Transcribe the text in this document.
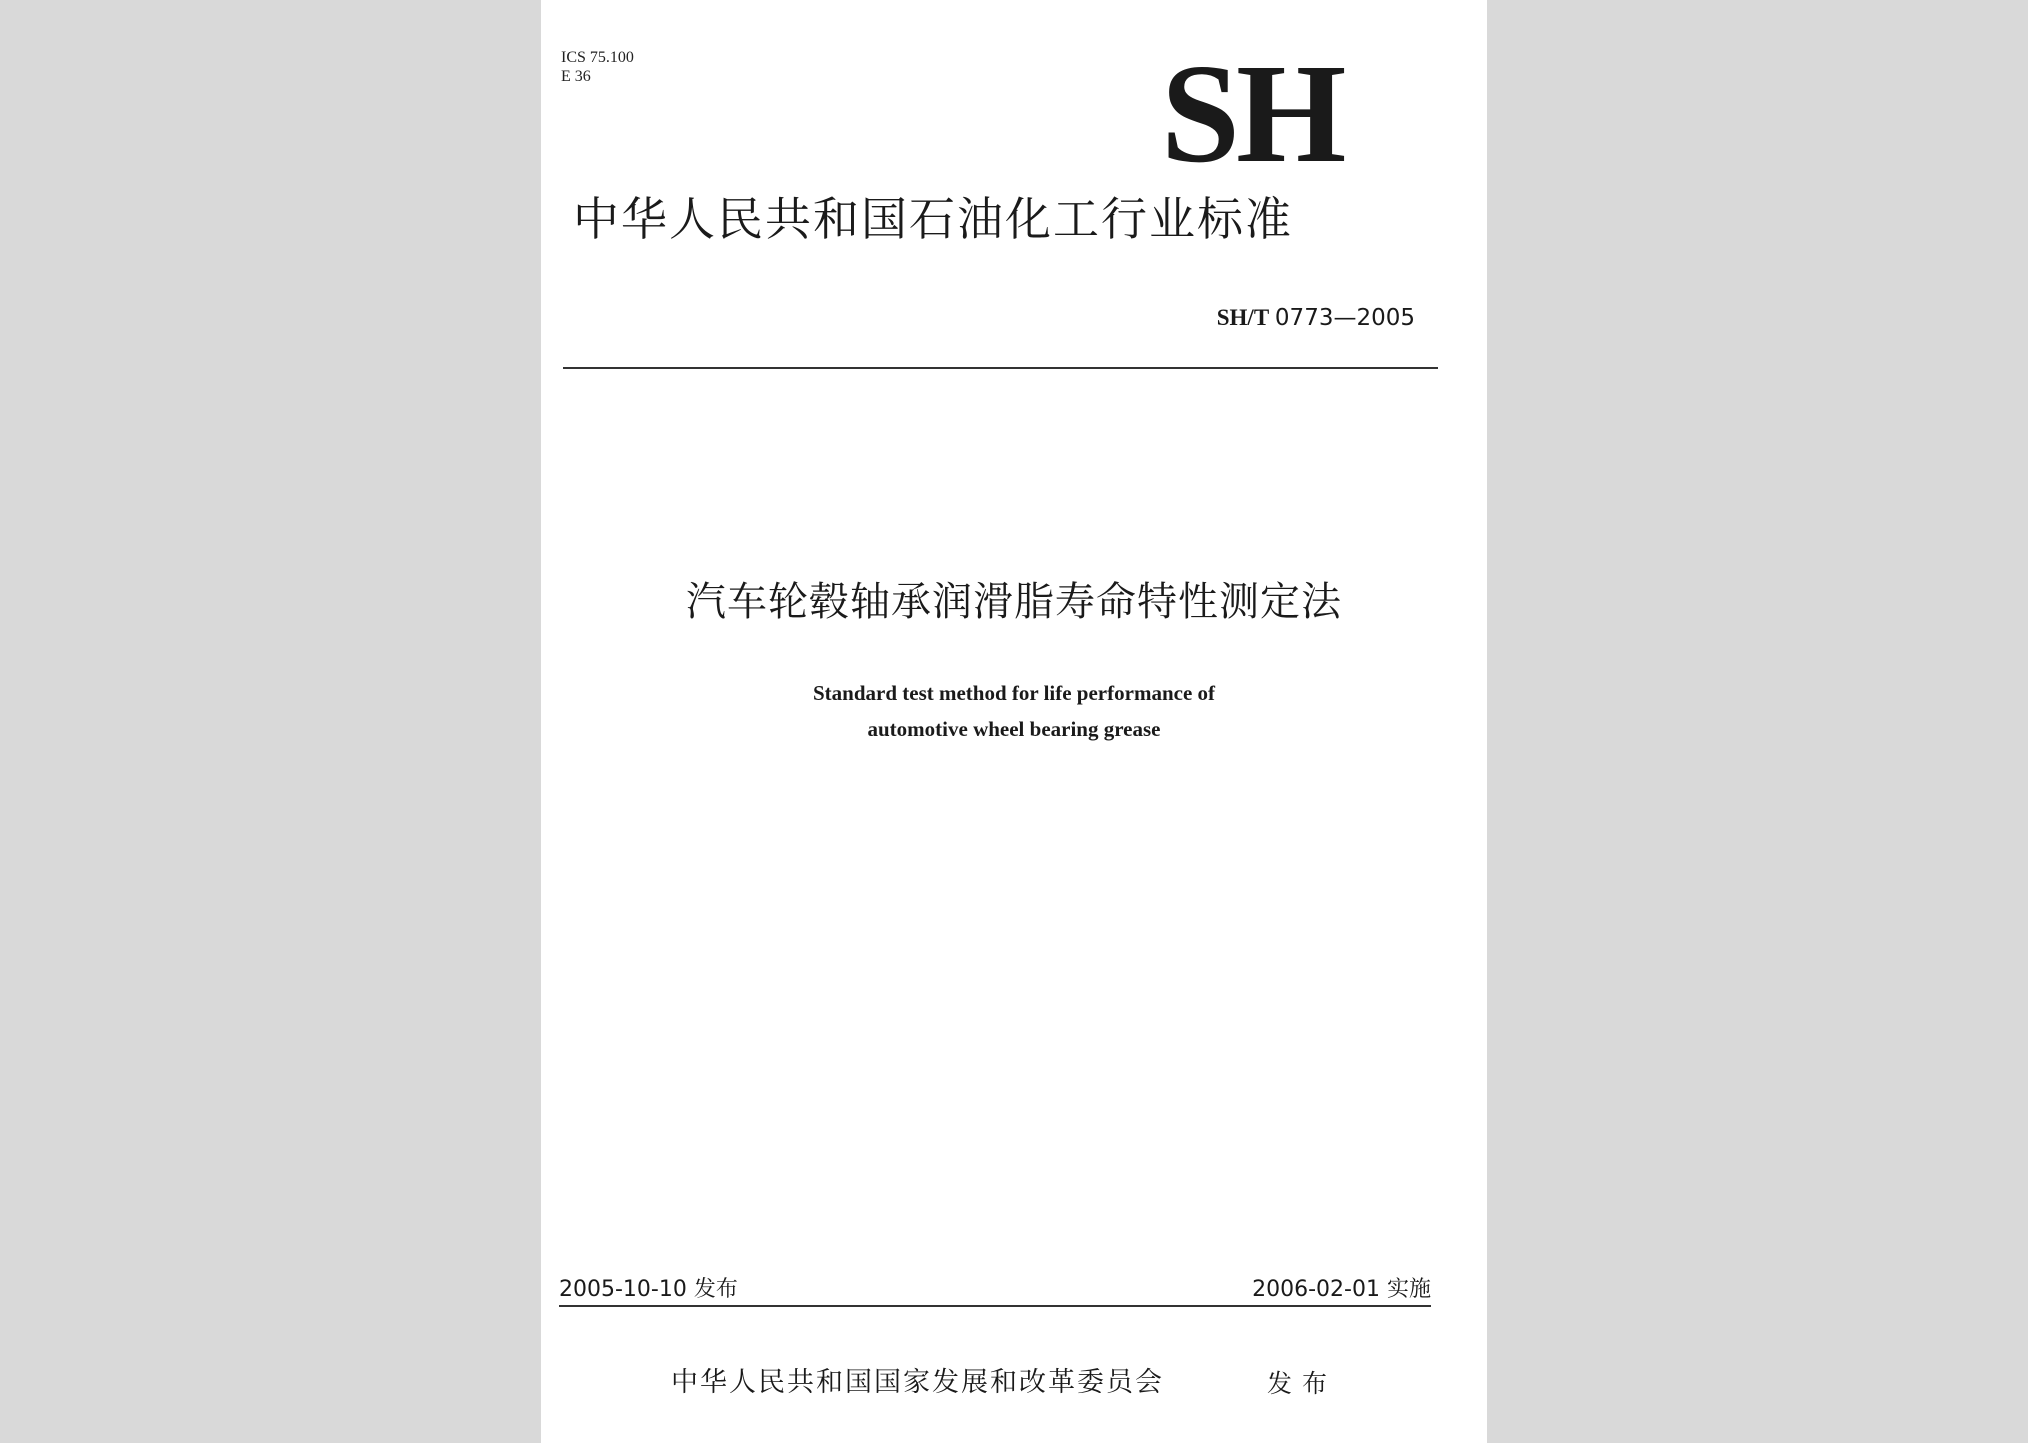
ICS 75.100
E 36	SH
中华人民共和国石油化工行业标准
SH/T 0773—2005
汽车轮毂轴承润滑脂寿命特性测定法
Standard test method for life performance of
automotive wheel bearing grease
2005-10-10 发布	2006-02-01 实施
中华人民共和国国家发展和改革委员会	发布
